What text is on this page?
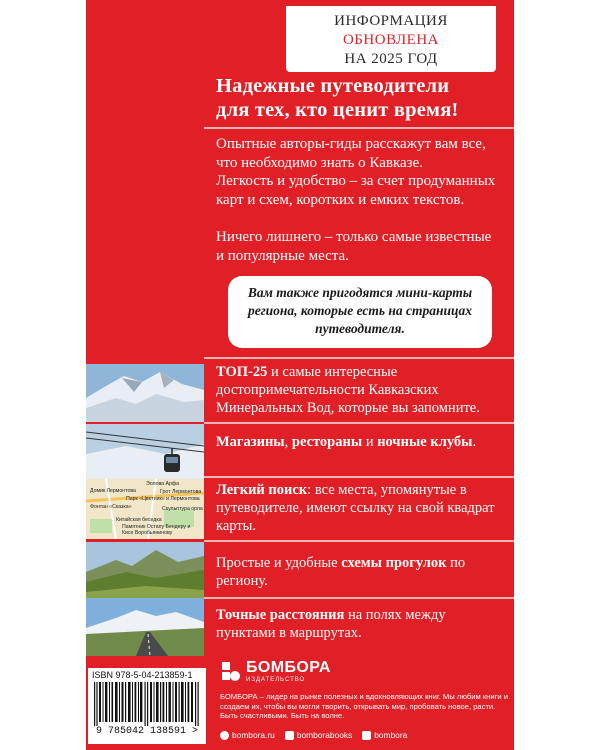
ИНФОРМАЦИЯ
ОБНОВЛЕНА
НА 2025 ГОД
Надежные путеводители
для тех, кто ценит время!
Опытные авторы-гиды расскажут вам все, что необходимо знать о Кавказе.
Легкость и удобство – за счет продуманных карт и схем, коротких и емких текстов.
Ничего лишнего – только самые известные и популярные места.
Вам также пригодятся мини-карты региона, которые есть на страницах путеводителя.
ТОП-25 и самые интересные достопримечательности Кавказских Минеральных Вод, которые вы запомните.
Магазины, рестораны и ночные клубы.
Эолова Арфа
Домик Лермонтова	Грот Лермонтова
Парк «Цветник» и Лермонтова
Фонтан «Сказка»	Скульптура орла
Китайская беседка
Памятник Остапу Бендеру и Кисе Воробьянинову
Легкий поиск: все места, упомянутые в путеводителе, имеют ссылку на свой квадрат карты.
Простые и удобные схемы прогулок по региону.
Точные расстояния на полях между пунктами в маршрутах.
ISBN 978-5-04-213859-1
9 785042 138591 >
БОМБОРА
ИЗДАТЕЛЬСТВО
БОМБОРА – лидер на рынке полезных и вдохновляющих книг. Мы любим книги и создаем их, чтобы вы могли творить, открывать мир, пробовать новое, расти. Быть счастливыми. Быть на волне.
bombora.ru	bomborabooks	bombora
